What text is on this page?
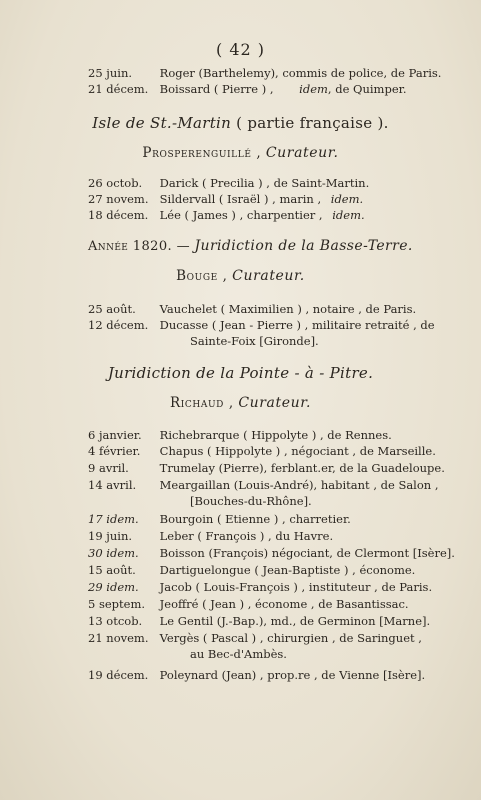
( 42 )
25 juin. Roger (Barthelemy), commis de police, de Paris.
21 décem. Boissard ( Pierre ) , idem, de Quimper.
Isle de St.-Martin ( partie française ).
Prosperenguillé , Curateur.
26 octob. Darick ( Precilia ) , de Saint-Martin.
27 novem. Sildervall ( Israël ) , marin , idem.
18 décem. Lée ( James ) , charpentier , idem.
Année 1820. — Juridiction de la Basse-Terre.
Bouge , Curateur.
25 août. Vauchelet ( Maximilien ) , notaire , de Paris.
12 décem. Ducasse ( Jean - Pierre ) , militaire retraité , de
Sainte-Foix [Gironde].
Juridiction de la Pointe - à - Pitre.
Richaud , Curateur.
6 janvier. Richebrarque ( Hippolyte ) , de Rennes.
4 février. Chapus ( Hippolyte ) , négociant , de Marseille.
9 avril.	Trumelay (Pierre), ferblant.er, de la Guadeloupe.
14 avril. Meargaillan (Louis-André), habitant , de Salon ,
[Bouches-du-Rhône].
17 idem. Bourgoin ( Etienne ) , charretier.
19 juin. Leber ( François ) , du Havre.
30 idem. Boisson (François) négociant, de Clermont [Isère].
15 août. Dartiguelongue ( Jean-Baptiste ) , économe.
29 idem. Jacob ( Louis-François ) , instituteur , de Paris.
5 septem. Jeoffré ( Jean ) , économe , de Basantissac.
13 otcob. Le Gentil (J.-Bap.), md., de Germinon [Marne].
21 novem. Vergès ( Pascal ) , chirurgien , de Saringuet ,
au Bec-d'Ambès.
19 décem. Poleynard (Jean) , prop.re , de Vienne [Isère].
